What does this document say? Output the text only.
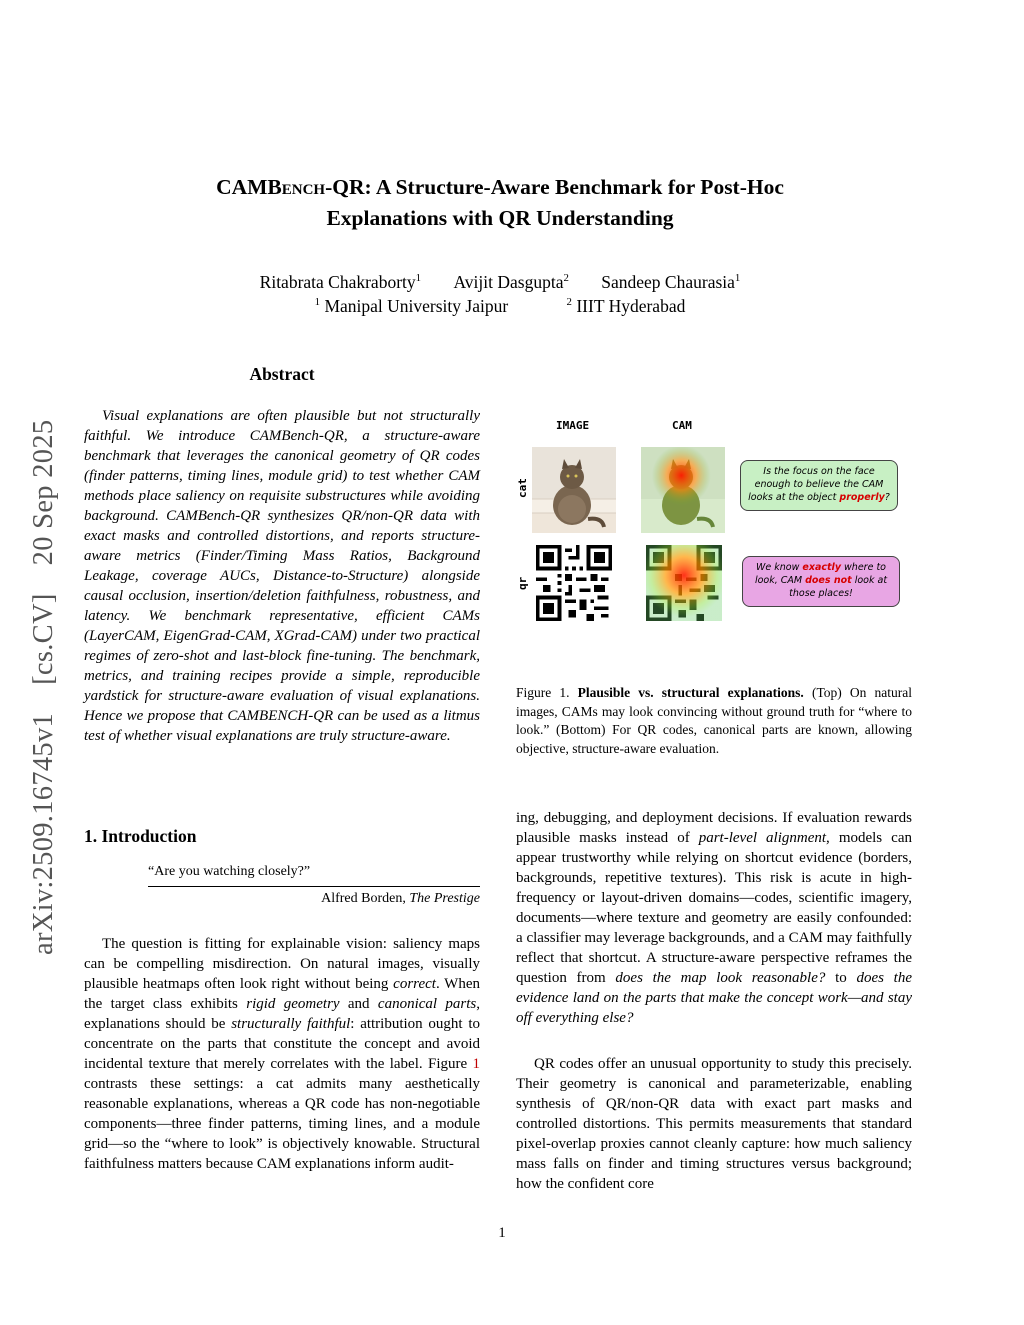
arXiv:2509.16745v1[cs.CV]20 Sep 2025
CAMBench-QR: A Structure-Aware Benchmark for Post-Hoc
Explanations with QR Understanding
Ritabrata Chakraborty$^1$ Avijit Dasgupta$^2$ Sandeep Chaurasia$^1$
$^1$ Manipal University Jaipur	$^2$ IIIT Hyderabad
Abstract
Visual explanations are often plausible but not structurally faithful. We introduce CAMBench-QR, a structure-aware benchmark that leverages the canonical geometry of QR codes (finder patterns, timing lines, module grid) to test whether CAM methods place saliency on requisite substructures while avoiding background. CAMBench-QR synthesizes QR/non-QR data with exact masks and controlled distortions, and reports structure-aware metrics (Finder/Timing Mass Ratios, Background Leakage, coverage AUCs, Distance-to-Structure) alongside causal occlusion, insertion/deletion faithfulness, robustness, and latency. We benchmark representative, efficient CAMs (LayerCAM, EigenGrad-CAM, XGrad-CAM) under two practical regimes of zero-shot and last-block fine-tuning. The benchmark, metrics, and training recipes provide a simple, reproducible yardstick for structure-aware evaluation of visual explanations. Hence we propose that CAMBENCH-QR can be used as a litmus test of whether visual explanations are truly structure-aware.
1. Introduction
“Are you watching closely?”
Alfred Borden, The Prestige
The question is fitting for explainable vision: saliency maps can be compelling misdirection. On natural images, visually plausible heatmaps often look right without being correct. When the target class exhibits rigid geometry and canonical parts, explanations should be structurally faithful: attribution ought to concentrate on the parts that constitute the concept and avoid incidental texture that merely correlates with the label. Figure 1 contrasts these settings: a cat admits many aesthetically reasonable explanations, whereas a QR code has non-negotiable components—three finder patterns, timing lines, and a module grid—so the “where to look” is objectively knowable. Structural faithfulness matters because CAM explanations inform audit-
ing, debugging, and deployment decisions. If evaluation rewards plausible masks instead of part-level alignment, models can appear trustworthy while relying on shortcut evidence (borders, backgrounds, repetitive textures). This risk is acute in high-frequency or layout-driven domains—codes, scientific imagery, documents—where texture and geometry are easily confounded: a classifier may leverage backgrounds, and a CAM may faithfully reflect that shortcut. A structure-aware perspective reframes the question from does the map look reasonable? to does the evidence land on the parts that make the concept work—and stay off everything else?
QR codes offer an unusual opportunity to study this precisely. Their geometry is canonical and parameterizable, enabling synthesis of QR/non-QR data with exact part masks and controlled distortions. This permits measurements that standard pixel-overlap proxies cannot cleanly capture: how much saliency mass falls on finder and timing structures versus background; how the confident core
IMAGE	CAM
cat
qr
Is the focus on the face enough to believe the CAM looks at the object properly?
We know exactly where to look, CAM does not look at those places!
Figure 1. Plausible vs. structural explanations. (Top) On natural images, CAMs may look convincing without ground truth for “where to look.” (Bottom) For QR codes, canonical parts are known, allowing objective, structure-aware evaluation.
1
